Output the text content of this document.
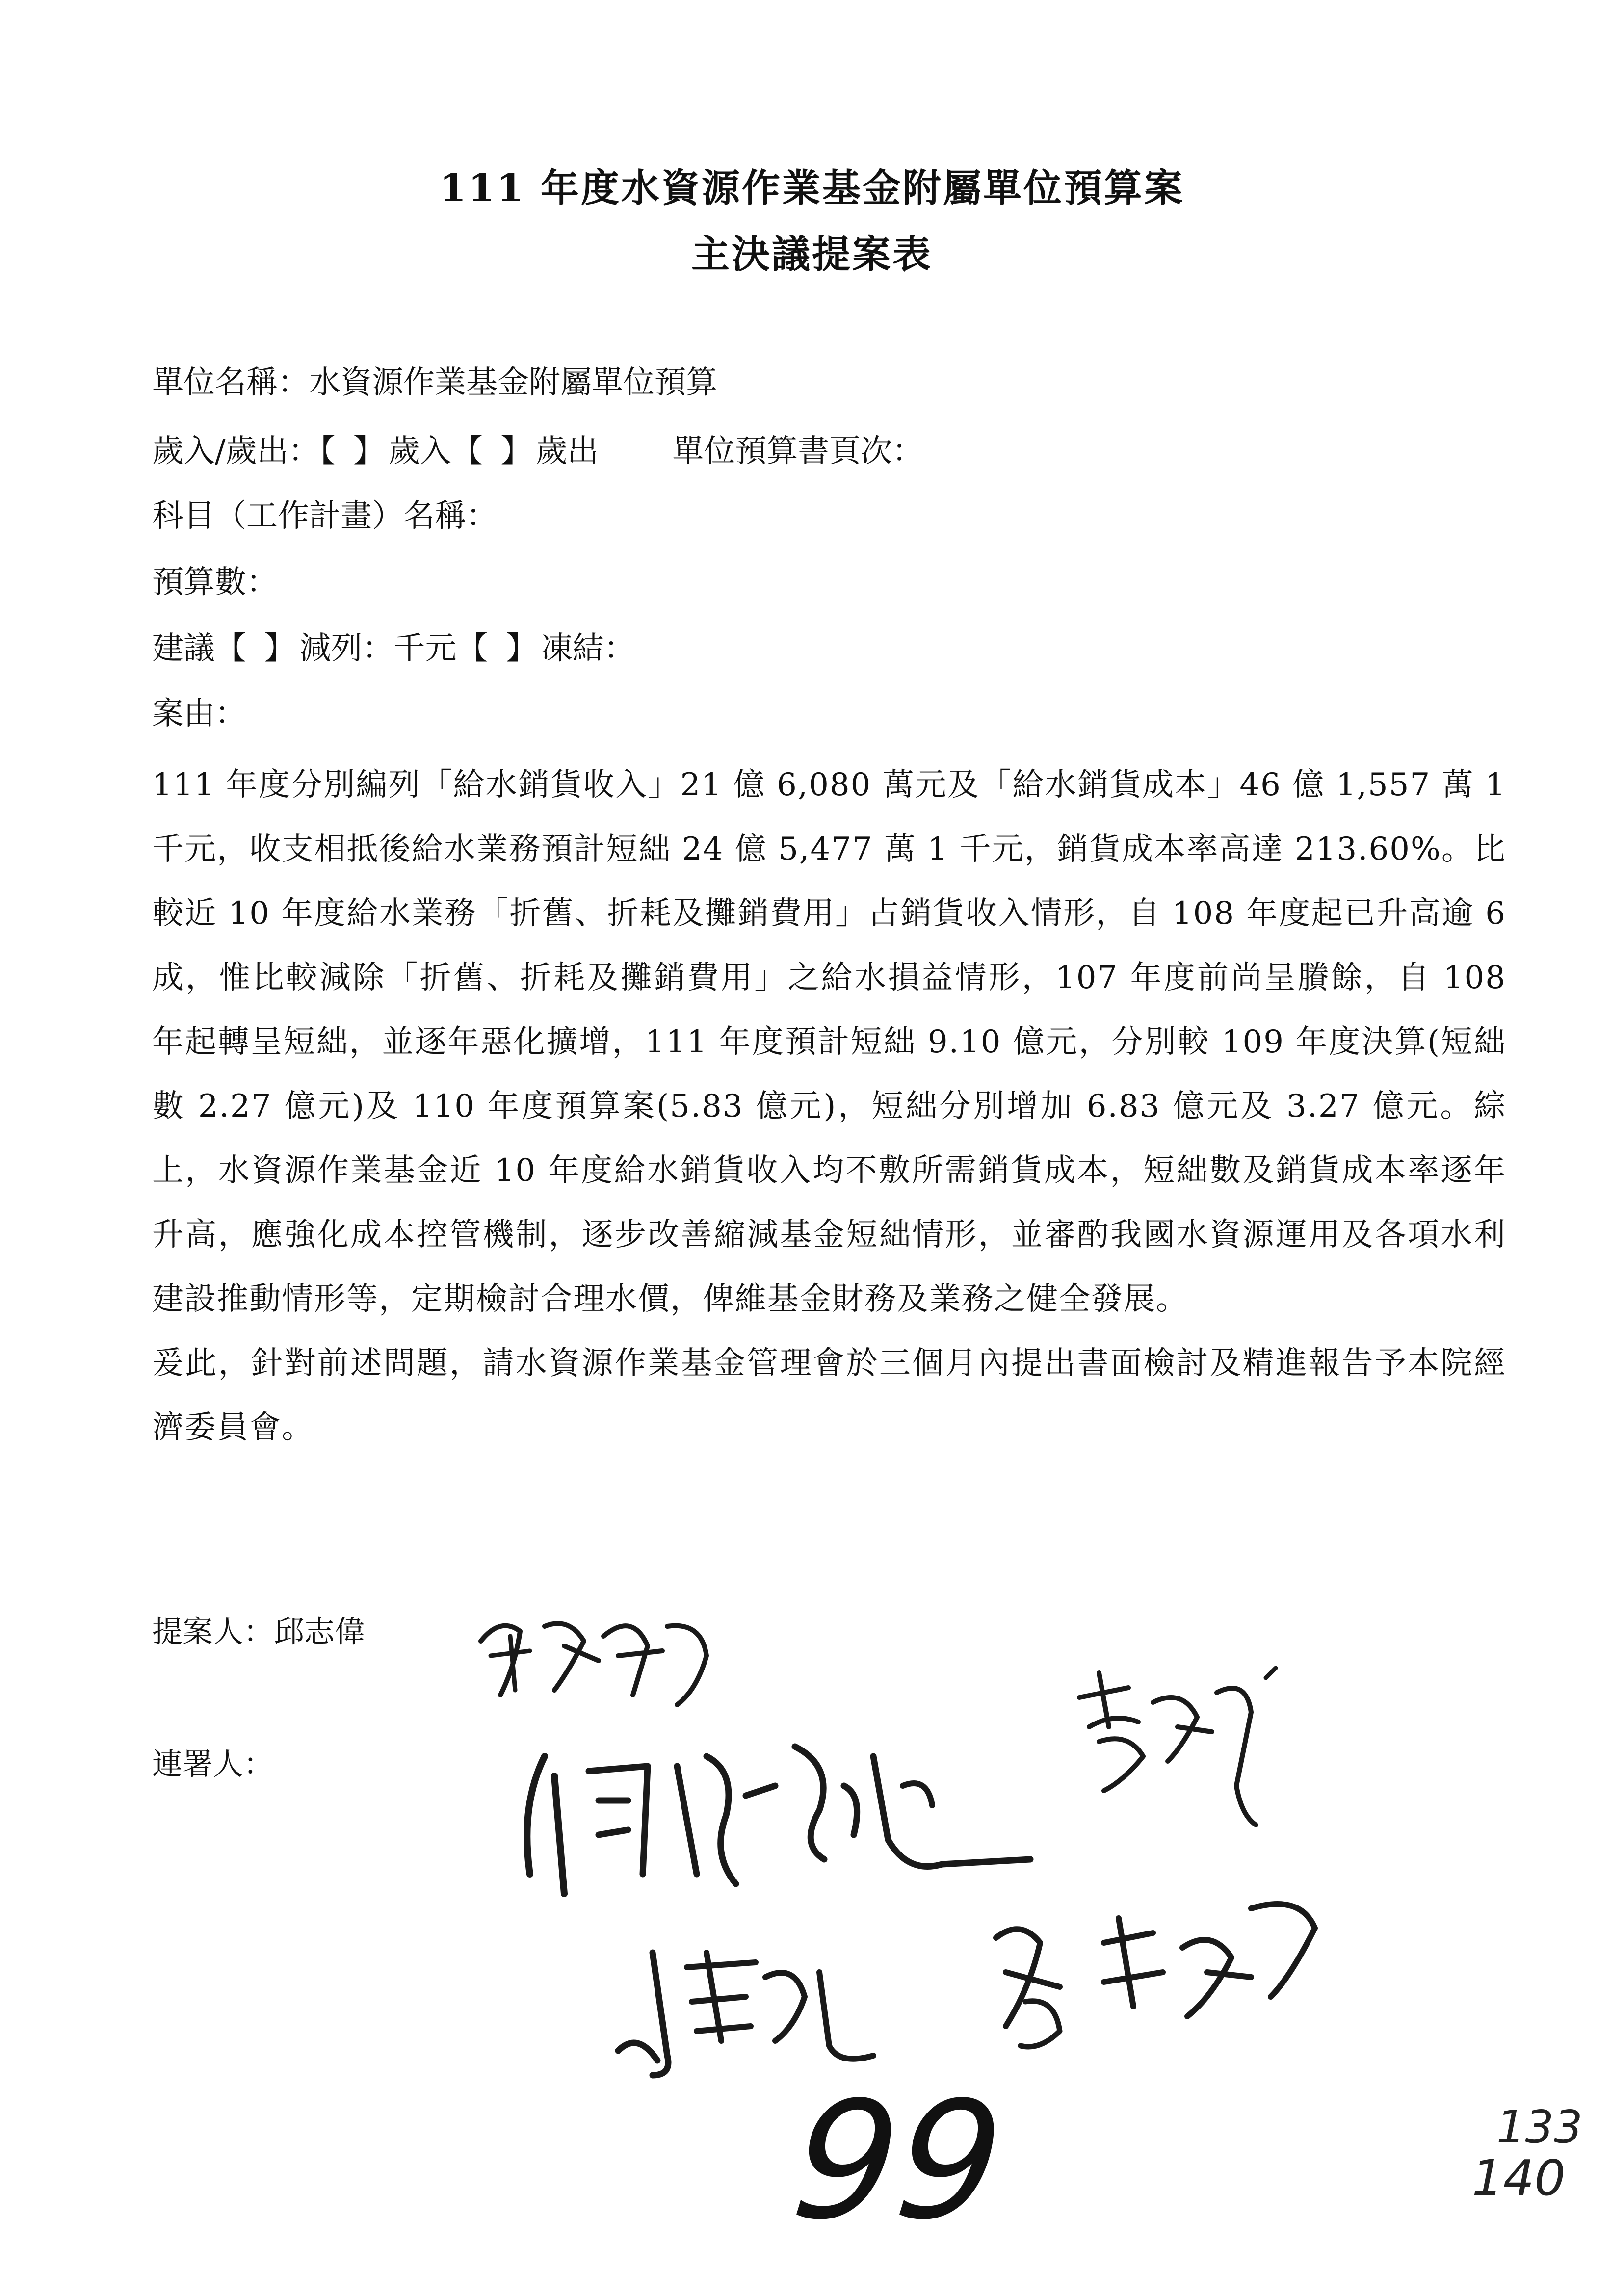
111 年度水資源作業基金附屬單位預算案
主決議提案表
單位名稱：水資源作業基金附屬單位預算
歲入/歲出：【 】歲入【 】歲出 單位預算書頁次：
科目（工作計畫）名稱：
預算數：
建議【 】減列：千元【 】凍結：
案由：

111 年度分別編列「給水銷貨收入」21 億 6,080 萬元及「給水銷貨成本」46 億 1,557 萬 1 千元，收支相抵後給水業務預計短絀 24 億 5,477 萬 1 千元，銷貨成本率高達 213.60%。比較近 10 年度給水業務「折舊、折耗及攤銷費用」占銷貨收入情形，自 108 年度起已升高逾 6 成，惟比較減除「折舊、折耗及攤銷費用」之給水損益情形，107 年度前尚呈賸餘，自 108 年起轉呈短絀，並逐年惡化擴增，111 年度預計短絀 9.10 億元，分別較 109 年度決算(短絀數 2.27 億元)及 110 年度預算案(5.83 億元)，短絀分別增加 6.83 億元及 3.27 億元。綜上，水資源作業基金近 10 年度給水銷貨收入均不敷所需銷貨成本，短絀數及銷貨成本率逐年升高，應強化成本控管機制，逐步改善縮減基金短絀情形，並審酌我國水資源運用及各項水利建設推動情形等，定期檢討合理水價，俾維基金財務及業務之健全發展。

爰此，針對前述問題，請水資源作業基金管理會於三個月內提出書面檢討及精進報告予本院經濟委員會。

提案人：邱志偉
連署人：
99	133
140
